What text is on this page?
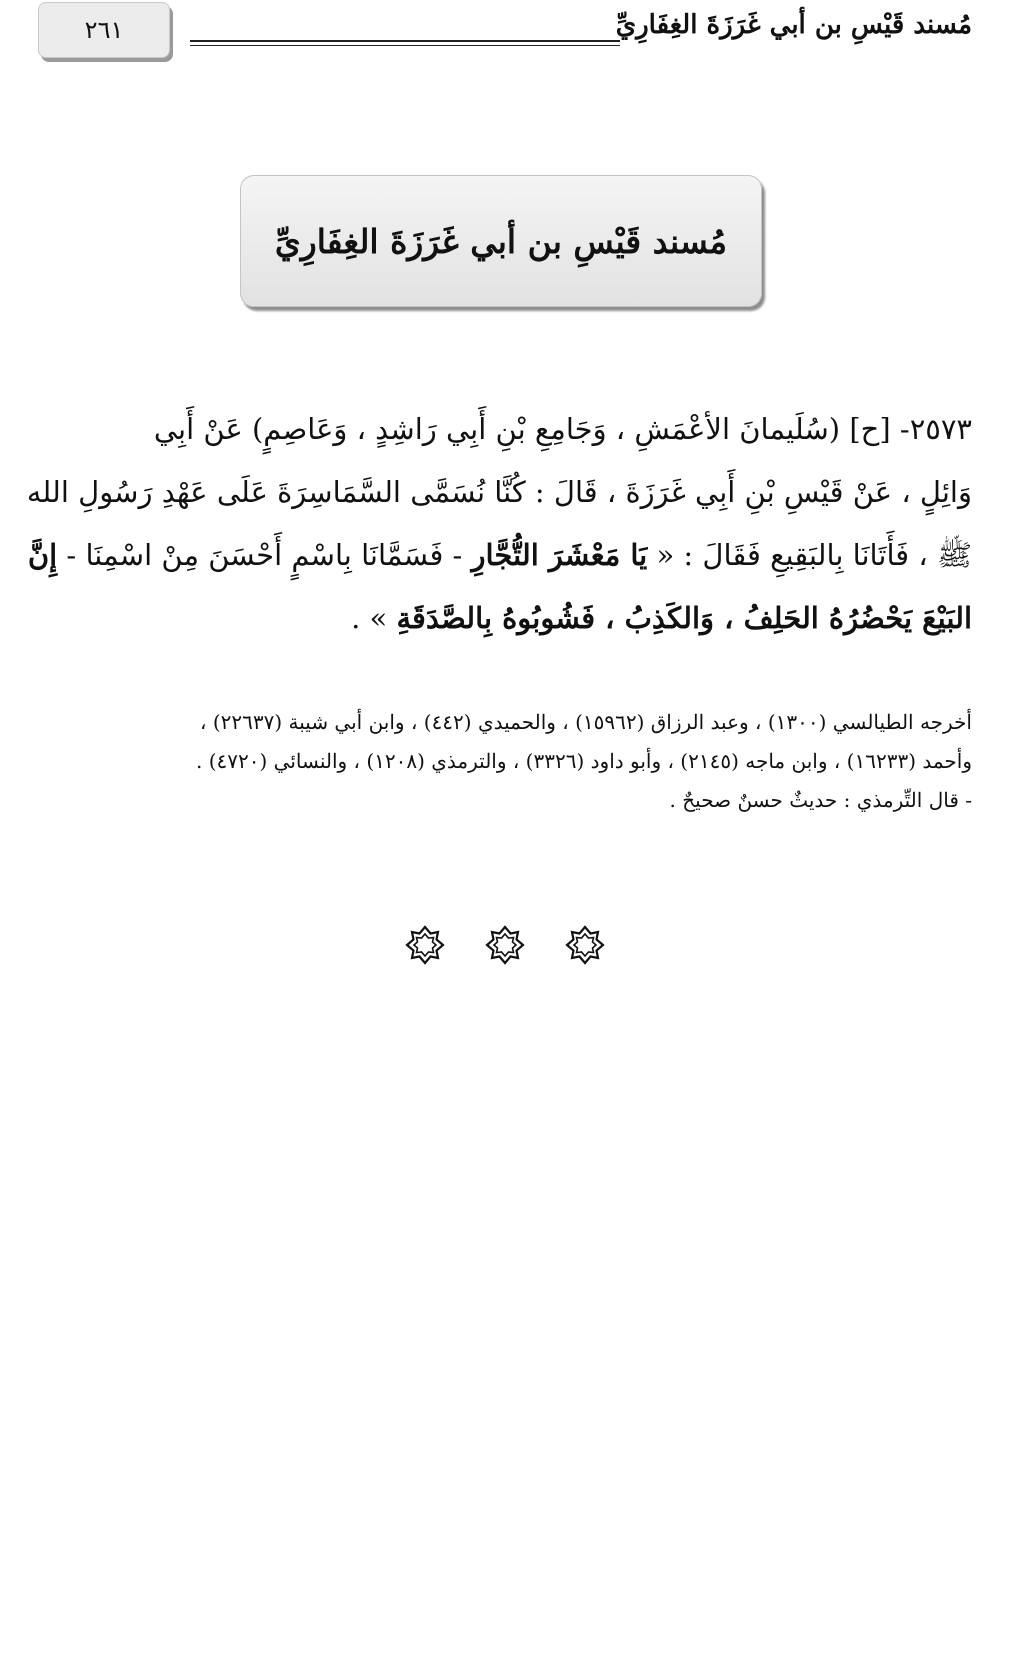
٢٦١	مُسند قَيْسِ بن أبي غَرَزَةَ الغِفَارِيِّ
مُسند قَيْسِ بن أبي غَرَزَةَ الغِفَارِيِّ
٢٥٧٣- [ح] (سُلَيمانَ الأعْمَشِ ، وَجَامِعِ بْنِ أَبِي رَاشِدٍ ، وَعَاصِمٍ) عَنْ أَبِي
وَائِلٍ ، عَنْ قَيْسِ بْنِ أَبِي غَرَزَةَ ، قَالَ : كُنَّا نُسَمَّى السَّمَاسِرَةَ عَلَى عَهْدِ رَسُولِ الله
ﷺ ، فَأَتَانَا بِالبَقِيعِ فَقَالَ : « يَا مَعْشَرَ التُّجَّارِ - فَسَمَّانَا بِاسْمٍ أَحْسَنَ مِنْ اسْمِنَا - إِنَّ
البَيْعَ يَحْضُرُهُ الحَلِفُ ، وَالكَذِبُ ، فَشُوبُوهُ بِالصَّدَقَةِ » .
أخرجه الطيالسي (١٣٠٠) ، وعبد الرزاق (١٥٩٦٢) ، والحميدي (٤٤٢) ، وابن أبي شيبة (٢٢٦٣٧) ،
وأحمد (١٦٢٣٣) ، وابن ماجه (٢١٤٥) ، وأبو داود (٣٣٢٦) ، والترمذي (١٢٠٨) ، والنسائي (٤٧٢٠) .
- قال التِّرمذي : حديثٌ حسنٌ صحيحٌ .
